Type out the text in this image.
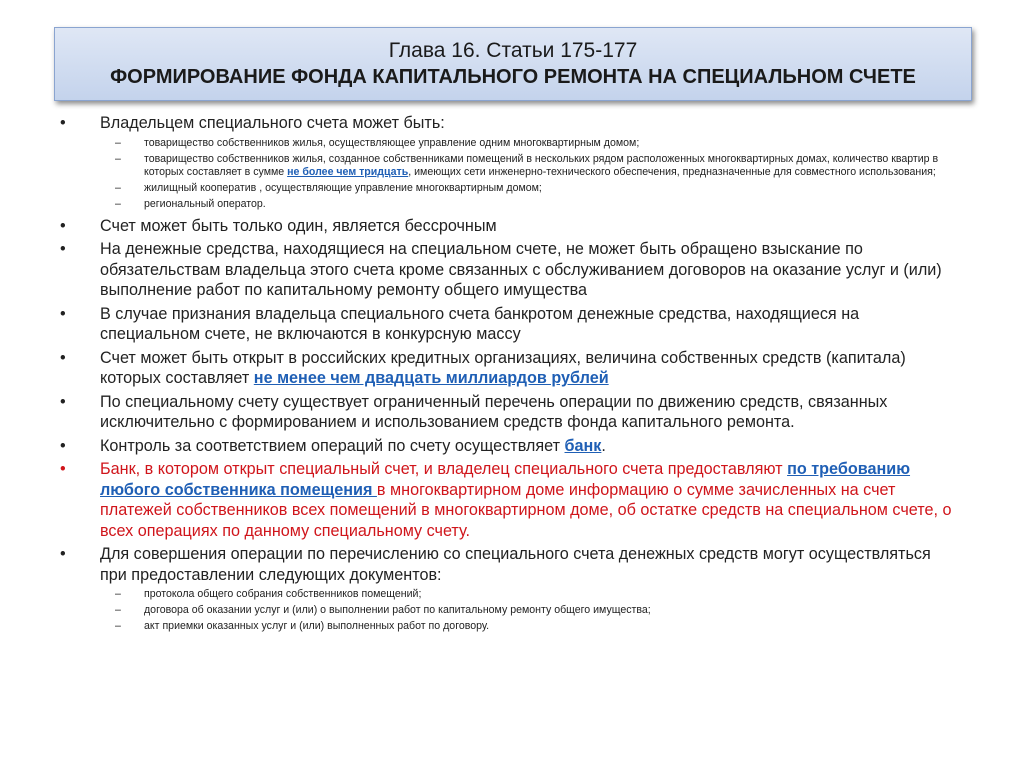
Глава 16. Статьи 175-177
ФОРМИРОВАНИЕ ФОНДА КАПИТАЛЬНОГО РЕМОНТА НА СПЕЦИАЛЬНОМ СЧЕТЕ
• Владельцем специального счета может быть:
– товарищество собственников жилья, осуществляющее управление одним многоквартирным домом;
– товарищество собственников жилья, созданное собственниками помещений в нескольких рядом расположенных многоквартирных домах, количество квартир в которых составляет в сумме не более чем тридцать, имеющих сети инженерно-технического обеспечения, предназначенные для совместного использования;
– жилищный кооператив , осуществляющие управление многоквартирным домом;
– региональный оператор.
• Счет может быть только один, является бессрочным
• На денежные средства, находящиеся на специальном счете, не может быть обращено взыскание по обязательствам владельца этого счета кроме связанных с обслуживанием договоров на оказание услуг и (или) выполнение работ по капитальному ремонту общего имущества
• В случае признания владельца специального счета банкротом денежные средства, находящиеся на специальном счете, не включаются в конкурсную массу
• Счет может быть открыт в российских кредитных организациях, величина собственных средств (капитала) которых составляет не менее чем двадцать миллиардов рублей
• По специальному счету существует ограниченный перечень операции по движению средств, связанных исключительно с формированием и использованием средств фонда капитального ремонта.
• Контроль за соответствием операций по счету осуществляет банк.
• Банк, в котором открыт специальный счет, и владелец специального счета предоставляют по требованию любого собственника помещения в многоквартирном доме информацию о сумме зачисленных на счет платежей собственников всех помещений в многоквартирном доме, об остатке средств на специальном счете, о всех операциях по данному специальному счету.
• Для совершения операции по перечислению со специального счета денежных средств могут осуществляться при предоставлении следующих документов:
– протокола общего собрания собственников помещений;
– договора об оказании услуг и (или) о выполнении работ по капитальному ремонту общего имущества;
– акт приемки оказанных услуг и (или) выполненных работ по договору.
